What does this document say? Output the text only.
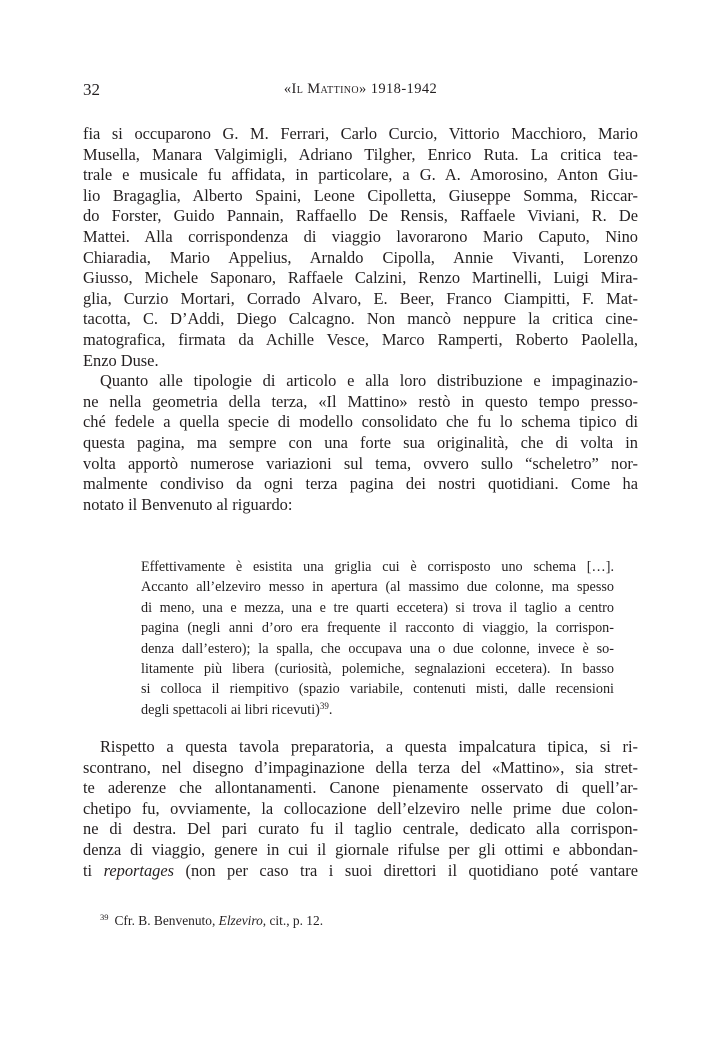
32	«Il Mattino» 1918-1942
fia si occuparono G. M. Ferrari, Carlo Curcio, Vittorio Macchioro, Mario
Musella, Manara Valgimigli, Adriano Tilgher, Enrico Ruta. La critica tea-
trale e musicale fu affidata, in particolare, a G. A. Amorosino, Anton Giu-
lio Bragaglia, Alberto Spaini, Leone Cipolletta, Giuseppe Somma, Riccar-
do Forster, Guido Pannain, Raffaello De Rensis, Raffaele Viviani, R. De
Mattei. Alla corrispondenza di viaggio lavorarono Mario Caputo, Nino
Chiaradia, Mario Appelius, Arnaldo Cipolla, Annie Vivanti, Lorenzo
Giusso, Michele Saponaro, Raffaele Calzini, Renzo Martinelli, Luigi Mira-
glia, Curzio Mortari, Corrado Alvaro, E. Beer, Franco Ciampitti, F. Mat-
tacotta, C. D’Addi, Diego Calcagno. Non mancò neppure la critica cine-
matografica, firmata da Achille Vesce, Marco Ramperti, Roberto Paolella,
Enzo Duse.
Quanto alle tipologie di articolo e alla loro distribuzione e impaginazio-
ne nella geometria della terza, «Il Mattino» restò in questo tempo presso-
ché fedele a quella specie di modello consolidato che fu lo schema tipico di
questa pagina, ma sempre con una forte sua originalità, che di volta in
volta apportò numerose variazioni sul tema, ovvero sullo “scheletro” nor-
malmente condiviso da ogni terza pagina dei nostri quotidiani. Come ha
notato il Benvenuto al riguardo:
Effettivamente è esistita una griglia cui è corrisposto uno schema […].
Accanto all’elzeviro messo in apertura (al massimo due colonne, ma spesso
di meno, una e mezza, una e tre quarti eccetera) si trova il taglio a centro
pagina (negli anni d’oro era frequente il racconto di viaggio, la corrispon-
denza dall’estero); la spalla, che occupava una o due colonne, invece è so-
litamente più libera (curiosità, polemiche, segnalazioni eccetera). In basso
si colloca il riempitivo (spazio variabile, contenuti misti, dalle recensioni
degli spettacoli ai libri ricevuti)$^{39}$.
Rispetto a questa tavola preparatoria, a questa impalcatura tipica, si ri-
scontrano, nel disegno d’impaginazione della terza del «Mattino», sia stret-
te aderenze che allontanamenti. Canone pienamente osservato di quell’ar-
chetipo fu, ovviamente, la collocazione dell’elzeviro nelle prime due colon-
ne di destra. Del pari curato fu il taglio centrale, dedicato alla corrispon-
denza di viaggio, genere in cui il giornale rifulse per gli ottimi e abbondan-
ti reportages (non per caso tra i suoi direttori il quotidiano poté vantare
$^{39}$ Cfr. B. Benvenuto, Elzeviro, cit., p. 12.
